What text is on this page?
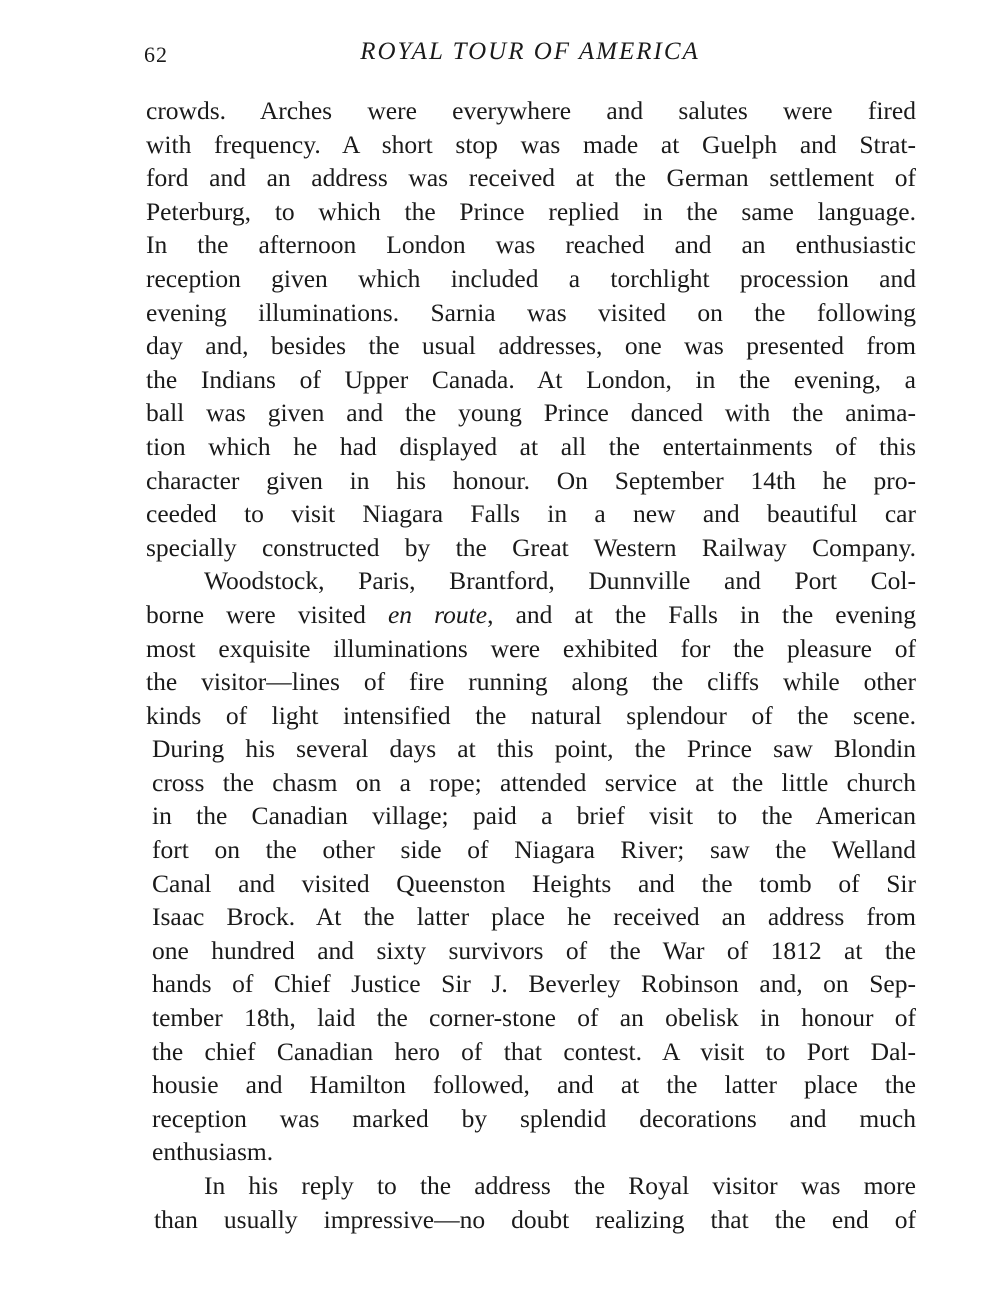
62	ROYAL TOUR OF AMERICA

crowds. Arches were everywhere and salutes were fired
with frequency. A short stop was made at Guelph and Strat-
ford and an address was received at the German settlement of
Peterburg, to which the Prince replied in the same language.
In the afternoon London was reached and an enthusiastic
reception given which included a torchlight procession and
evening illuminations. Sarnia was visited on the following
day and, besides the usual addresses, one was presented from
the Indians of Upper Canada. At London, in the evening, a
ball was given and the young Prince danced with the anima-
tion which he had displayed at all the entertainments of this
character given in his honour. On September 14th he pro-
ceeded to visit Niagara Falls in a new and beautiful car
specially constructed by the Great Western Railway Company.

Woodstock, Paris, Brantford, Dunnville and Port Col-
borne were visited en route, and at the Falls in the evening
most exquisite illuminations were exhibited for the pleasure of
the visitor—lines of fire running along the cliffs while other
kinds of light intensified the natural splendour of the scene.
During his several days at this point, the Prince saw Blondin
cross the chasm on a rope; attended service at the little church
in the Canadian village; paid a brief visit to the American
fort on the other side of Niagara River; saw the Welland
Canal and visited Queenston Heights and the tomb of Sir
Isaac Brock. At the latter place he received an address from
one hundred and sixty survivors of the War of 1812 at the
hands of Chief Justice Sir J. Beverley Robinson and, on Sep-
tember 18th, laid the corner-stone of an obelisk in honour of
the chief Canadian hero of that contest. A visit to Port Dal-
housie and Hamilton followed, and at the latter place the
reception was marked by splendid decorations and much
enthusiasm.

In his reply to the address the Royal visitor was more
than usually impressive—no doubt realizing that the end of
